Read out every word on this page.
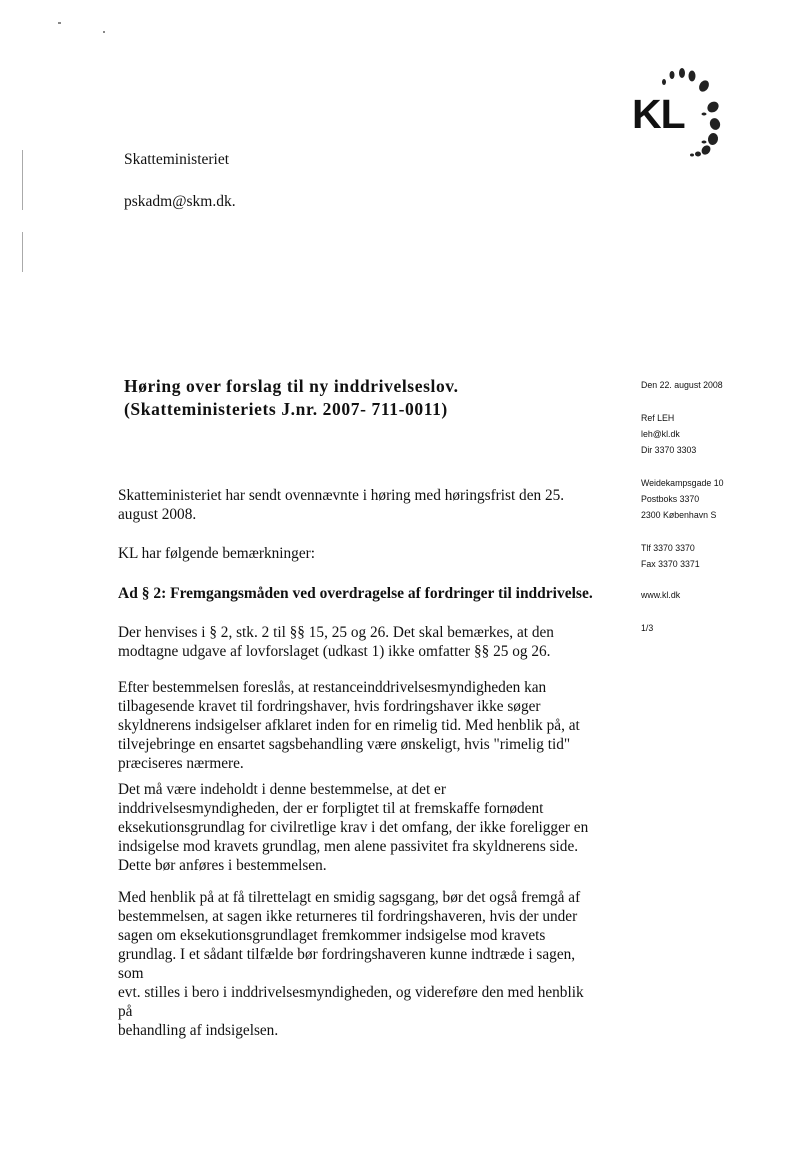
KL
Skatteministeriet
pskadm@skm.dk.
Høring over forslag til ny inddrivelseslov.
(Skatteministeriets J.nr. 2007- 711-0011)
Den 22. august 2008
Ref LEH
leh@kl.dk
Dir 3370 3303
Weidekampsgade 10
Postboks 3370
2300 København S
Tlf 3370 3370
Fax 3370 3371
www.kl.dk
1/3
Skatteministeriet har sendt ovennævnte i høring med høringsfrist den 25.
august 2008.
KL har følgende bemærkninger:
Ad § 2: Fremgangsmåden ved overdragelse af fordringer til inddrivelse.
Der henvises i § 2, stk. 2 til §§ 15, 25 og 26. Det skal bemærkes, at den
modtagne udgave af lovforslaget (udkast 1) ikke omfatter §§ 25 og 26.
Efter bestemmelsen foreslås, at restanceinddrivelsesmyndigheden kan
tilbagesende kravet til fordringshaver, hvis fordringshaver ikke søger
skyldnerens indsigelser afklaret inden for en rimelig tid. Med henblik på, at
tilvejebringe en ensartet sagsbehandling være ønskeligt, hvis "rimelig tid"
præciseres nærmere.
Det må være indeholdt i denne bestemmelse, at det er
inddrivelsesmyndigheden, der er forpligtet til at fremskaffe fornødent
eksekutionsgrundlag for civilretlige krav i det omfang, der ikke foreligger en
indsigelse mod kravets grundlag, men alene passivitet fra skyldnerens side.
Dette bør anføres i bestemmelsen.
Med henblik på at få tilrettelagt en smidig sagsgang, bør det også fremgå af
bestemmelsen, at sagen ikke returneres til fordringshaveren, hvis der under
sagen om eksekutionsgrundlaget fremkommer indsigelse mod kravets
grundlag. I et sådant tilfælde bør fordringshaveren kunne indtræde i sagen, som
evt. stilles i bero i inddrivelsesmyndigheden, og videreføre den med henblik på
behandling af indsigelsen.
